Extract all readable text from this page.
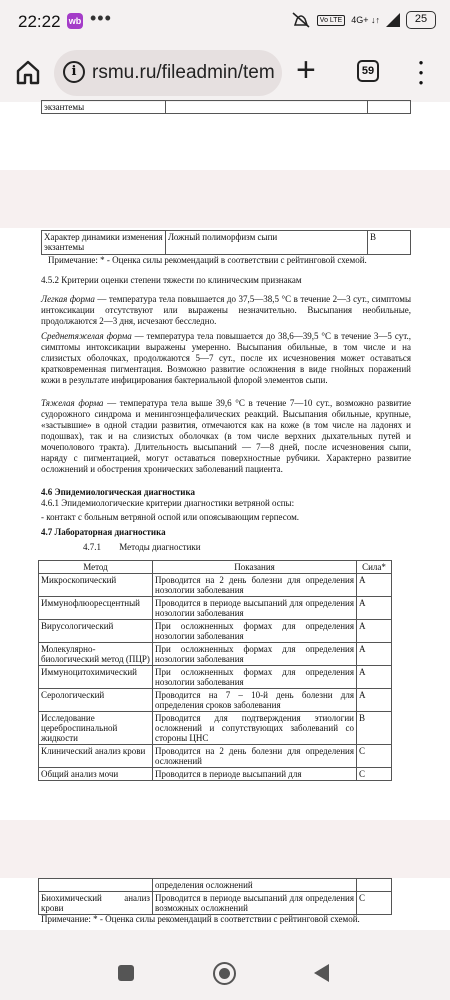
22:22 wb •••	Vo LTE	4G+ ↓↑	25
i rsmu.ru/fileadmin/tem +	59
●
●
●
экзантемы		
Характер динамики изменения экзантемы	Ложный полиморфизм сыпи	В
Примечание: * - Оценка силы рекомендаций в соответствии с рейтинговой схемой.
4.5.2 Критерии оценки степени тяжести по клиническим признакам
Легкая форма — температура тела повышается до 37,5—38,5 °С в течение 2—3 сут., симптомы интоксикации отсутствуют или выражены незначительно. Высыпания необильные, продолжаются 2—3 дня, исчезают бесследно.
Среднетяжелая форма — температура тела повышается до 38,6—39,5 °С в течение 3—5 сут., симптомы интоксикации выражены умеренно. Высыпания обильные, в том числе и на слизистых оболочках, продолжаются 5—7 сут., после их исчезновения может оставаться кратковременная пигментация. Возможно развитие осложнения в виде гнойных поражений кожи в результате инфицирования бактериальной флорой элементов сыпи.
Тяжелая форма — температура тела выше 39,6 °С в течение 7—10 сут., возможно развитие судорожного синдрома и менингоэнцефалических реакций. Высыпания обильные, крупные, «застывшие» в одной стадии развития, отмечаются как на коже (в том числе на ладонях и подошвах), так и на слизистых оболочках (в том числе верхних дыхательных путей и мочеполового тракта). Длительность высыпаний — 7—8 дней, после исчезновения сыпи, наряду с пигментацией, могут оставаться поверхностные рубчики. Характерно развитие осложнений и обострения хронических заболеваний пациента.
4.6 Эпидемиологическая диагностика
4.6.1 Эпидемиологические критерии диагностики ветряной оспы:
- контакт с больным ветряной оспой или опоясывающим герпесом.
4.7 Лабораторная диагностика
4.7.1 Методы диагностики
Метод	Показания	Сила*
Микроскопический	Проводится на 2 день болезни для определения нозологии заболевания	А
Иммунофлюоресцентный	Проводится в периоде высыпаний для определения нозологии заболевания	А
Вирусологический	При осложненных формах для определения нозологии заболевания	А
Молекулярно-биологический метод (ПЦР)	При осложненных формах для определения нозологии заболевания	А
Иммуноцитохимический	При осложненных формах для определения нозологии заболевания	А
Серологический	Проводится на 7 – 10-й день болезни для определения сроков заболевания	А
Исследование цереброспинальной жидкости	Проводится для подтверждения этиологии осложнений и сопутствующих заболеваний со стороны ЦНС	В
Клинический анализ крови	Проводится на 2 день болезни для определения осложнений	С
Общий анализ мочи	Проводится в периоде высыпаний для	С
	определения осложнений	
Биохимический анализ крови	Проводится в периоде высыпаний для определения возможных осложнений	С
Примечание: * - Оценка силы рекомендаций в соответствии с рейтинговой схемой.
